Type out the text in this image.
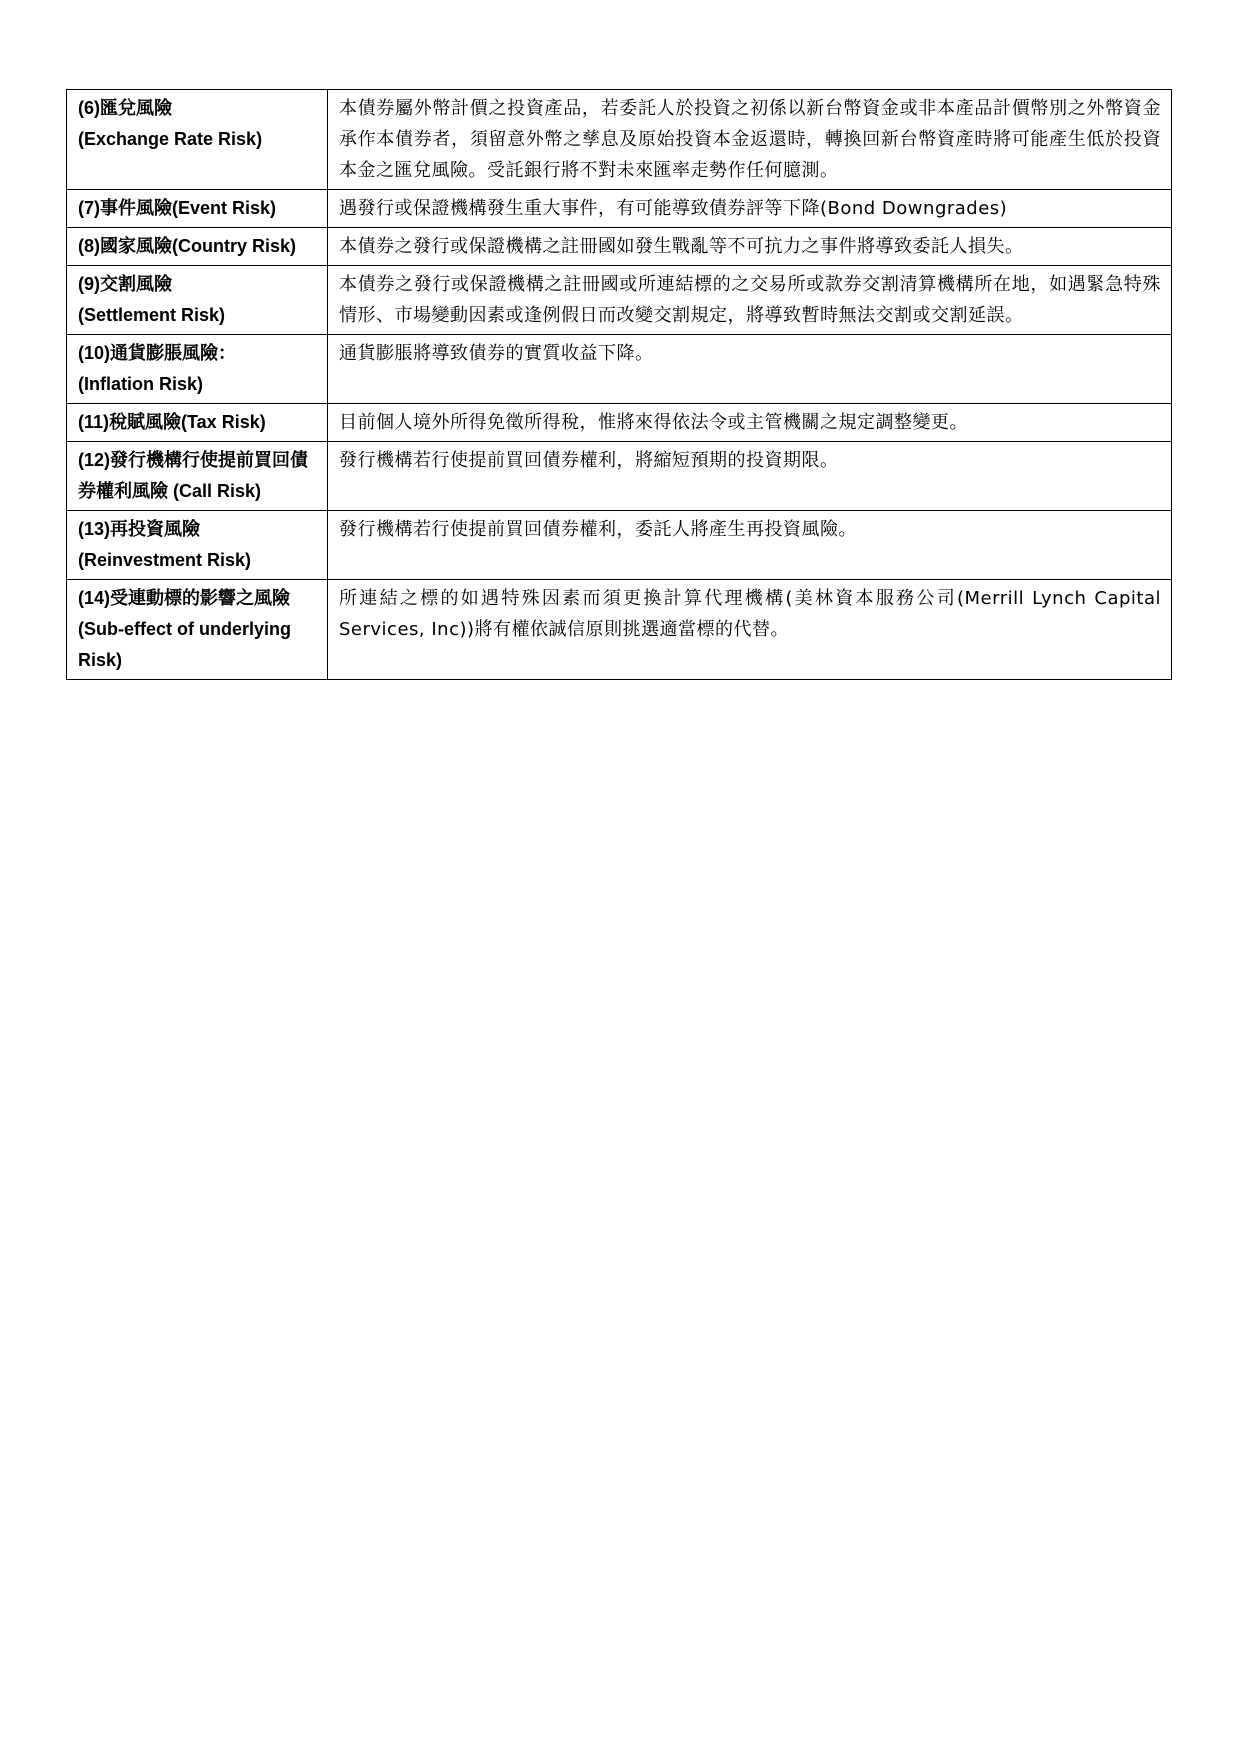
(6)匯兌風險
(Exchange Rate Risk)	本債券屬外幣計價之投資產品，若委託人於投資之初係以新台幣資金或非本產品計價幣別之外幣資金承作本債券者，須留意外幣之孳息及原始投資本金返還時，轉換回新台幣資產時將可能產生低於投資本金之匯兌風險。受託銀行將不對未來匯率走勢作任何臆測。
(7)事件風險(Event Risk)	遇發行或保證機構發生重大事件，有可能導致債券評等下降(Bond Downgrades)
(8)國家風險(Country Risk)	本債券之發行或保證機構之註冊國如發生戰亂等不可抗力之事件將導致委託人損失。
(9)交割風險
(Settlement Risk)	本債券之發行或保證機構之註冊國或所連結標的之交易所或款券交割清算機構所在地，如遇緊急特殊情形、市場變動因素或逢例假日而改變交割規定，將導致暫時無法交割或交割延誤。
(10)通貨膨脹風險：
(Inflation Risk)	通貨膨脹將導致債券的實質收益下降。
(11)稅賦風險(Tax Risk)	目前個人境外所得免徵所得稅，惟將來得依法令或主管機關之規定調整變更。
(12)發行機構行使提前買回債券權利風險 (Call Risk)	發行機構若行使提前買回債券權利，將縮短預期的投資期限。
(13)再投資風險
(Reinvestment Risk)	發行機構若行使提前買回債券權利，委託人將產生再投資風險。
(14)受連動標的影響之風險(Sub-effect of underlying Risk)	所連結之標的如遇特殊因素而須更換計算代理機構(美林資本服務公司(Merrill Lynch Capital Services, Inc))將有權依誠信原則挑選適當標的代替。
